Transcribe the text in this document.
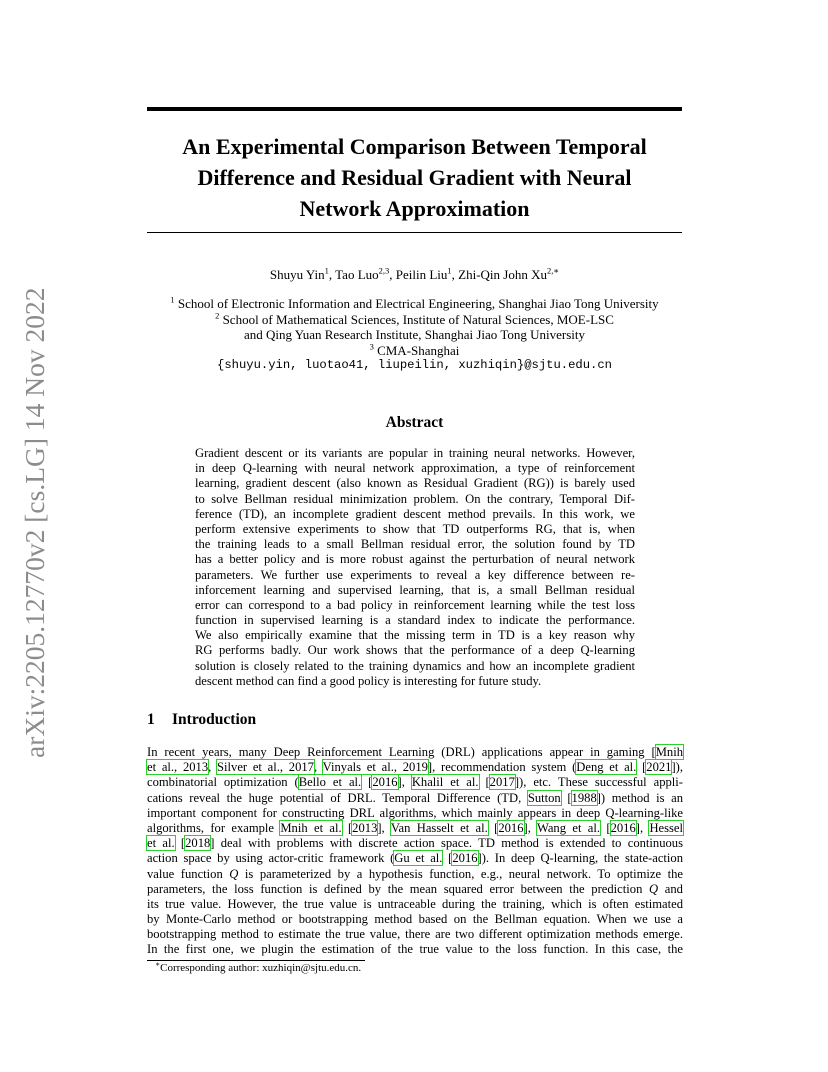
arXiv:2205.12770v2 [cs.LG] 14 Nov 2022
An Experimental Comparison Between Temporal
Difference and Residual Gradient with Neural
Network Approximation
Shuyu Yin$^1$, Tao Luo$^{2,3}$, Peilin Liu$^1$, Zhi-Qin John $Xu^{2,∗}$
$^1$ School of Electronic Information and Electrical Engineering, Shanghai Jiao Tong University
$^2$ School of Mathematical Sciences, Institute of Natural Sciences, MOE-LSC
and Qing Yuan Research Institute, Shanghai Jiao Tong University
$^3$ CMA-Shanghai
{shuyu.yin, luotao41, liupeilin, xuzhiqin}@sjtu.edu.cn
Abstract
Gradient descent or its variants are popular in training neural networks. However,
in deep Q-learning with neural network approximation, a type of reinforcement
learning, gradient descent (also known as Residual Gradient (RG)) is barely used
to solve Bellman residual minimization problem. On the contrary, Temporal Dif-
ference (TD), an incomplete gradient descent method prevails. In this work, we
perform extensive experiments to show that TD outperforms RG, that is, when
the training leads to a small Bellman residual error, the solution found by TD
has a better policy and is more robust against the perturbation of neural network
parameters. We further use experiments to reveal a key difference between re-
inforcement learning and supervised learning, that is, a small Bellman residual
error can correspond to a bad policy in reinforcement learning while the test loss
function in supervised learning is a standard index to indicate the performance.
We also empirically examine that the missing term in TD is a key reason why
RG performs badly. Our work shows that the performance of a deep Q-learning
solution is closely related to the training dynamics and how an incomplete gradient
descent method can find a good policy is interesting for future study.
1 Introduction
In recent years, many Deep Reinforcement Learning (DRL) applications appear in gaming [Mnih
et al., 2013, Silver et al., 2017, Vinyals et al., 2019], recommendation system (Deng et al. [2021]),
combinatorial optimization (Bello et al. [2016], Khalil et al. [2017]), etc. These successful appli-
cations reveal the huge potential of DRL. Temporal Difference (TD, Sutton [1988]) method is an
important component for constructing DRL algorithms, which mainly appears in deep Q-learning-like
algorithms, for example Mnih et al. [2013], Van Hasselt et al. [2016], Wang et al. [2016], Hessel
et al. [2018] deal with problems with discrete action space. TD method is extended to continuous
action space by using actor-critic framework (Gu et al. [2016]). In deep Q-learning, the state-action
value function Q is parameterized by a hypothesis function, e.g., neural network. To optimize the
parameters, the loss function is defined by the mean squared error between the prediction Q and
its true value. However, the true value is untraceable during the training, which is often estimated
by Monte-Carlo method or bootstrapping method based on the Bellman equation. When we use a
bootstrapping method to estimate the true value, there are two different optimization methods emerge.
In the first one, we plugin the estimation of the true value to the loss function. In this case, the
∗Corresponding author: xuzhiqin@sjtu.edu.cn.
